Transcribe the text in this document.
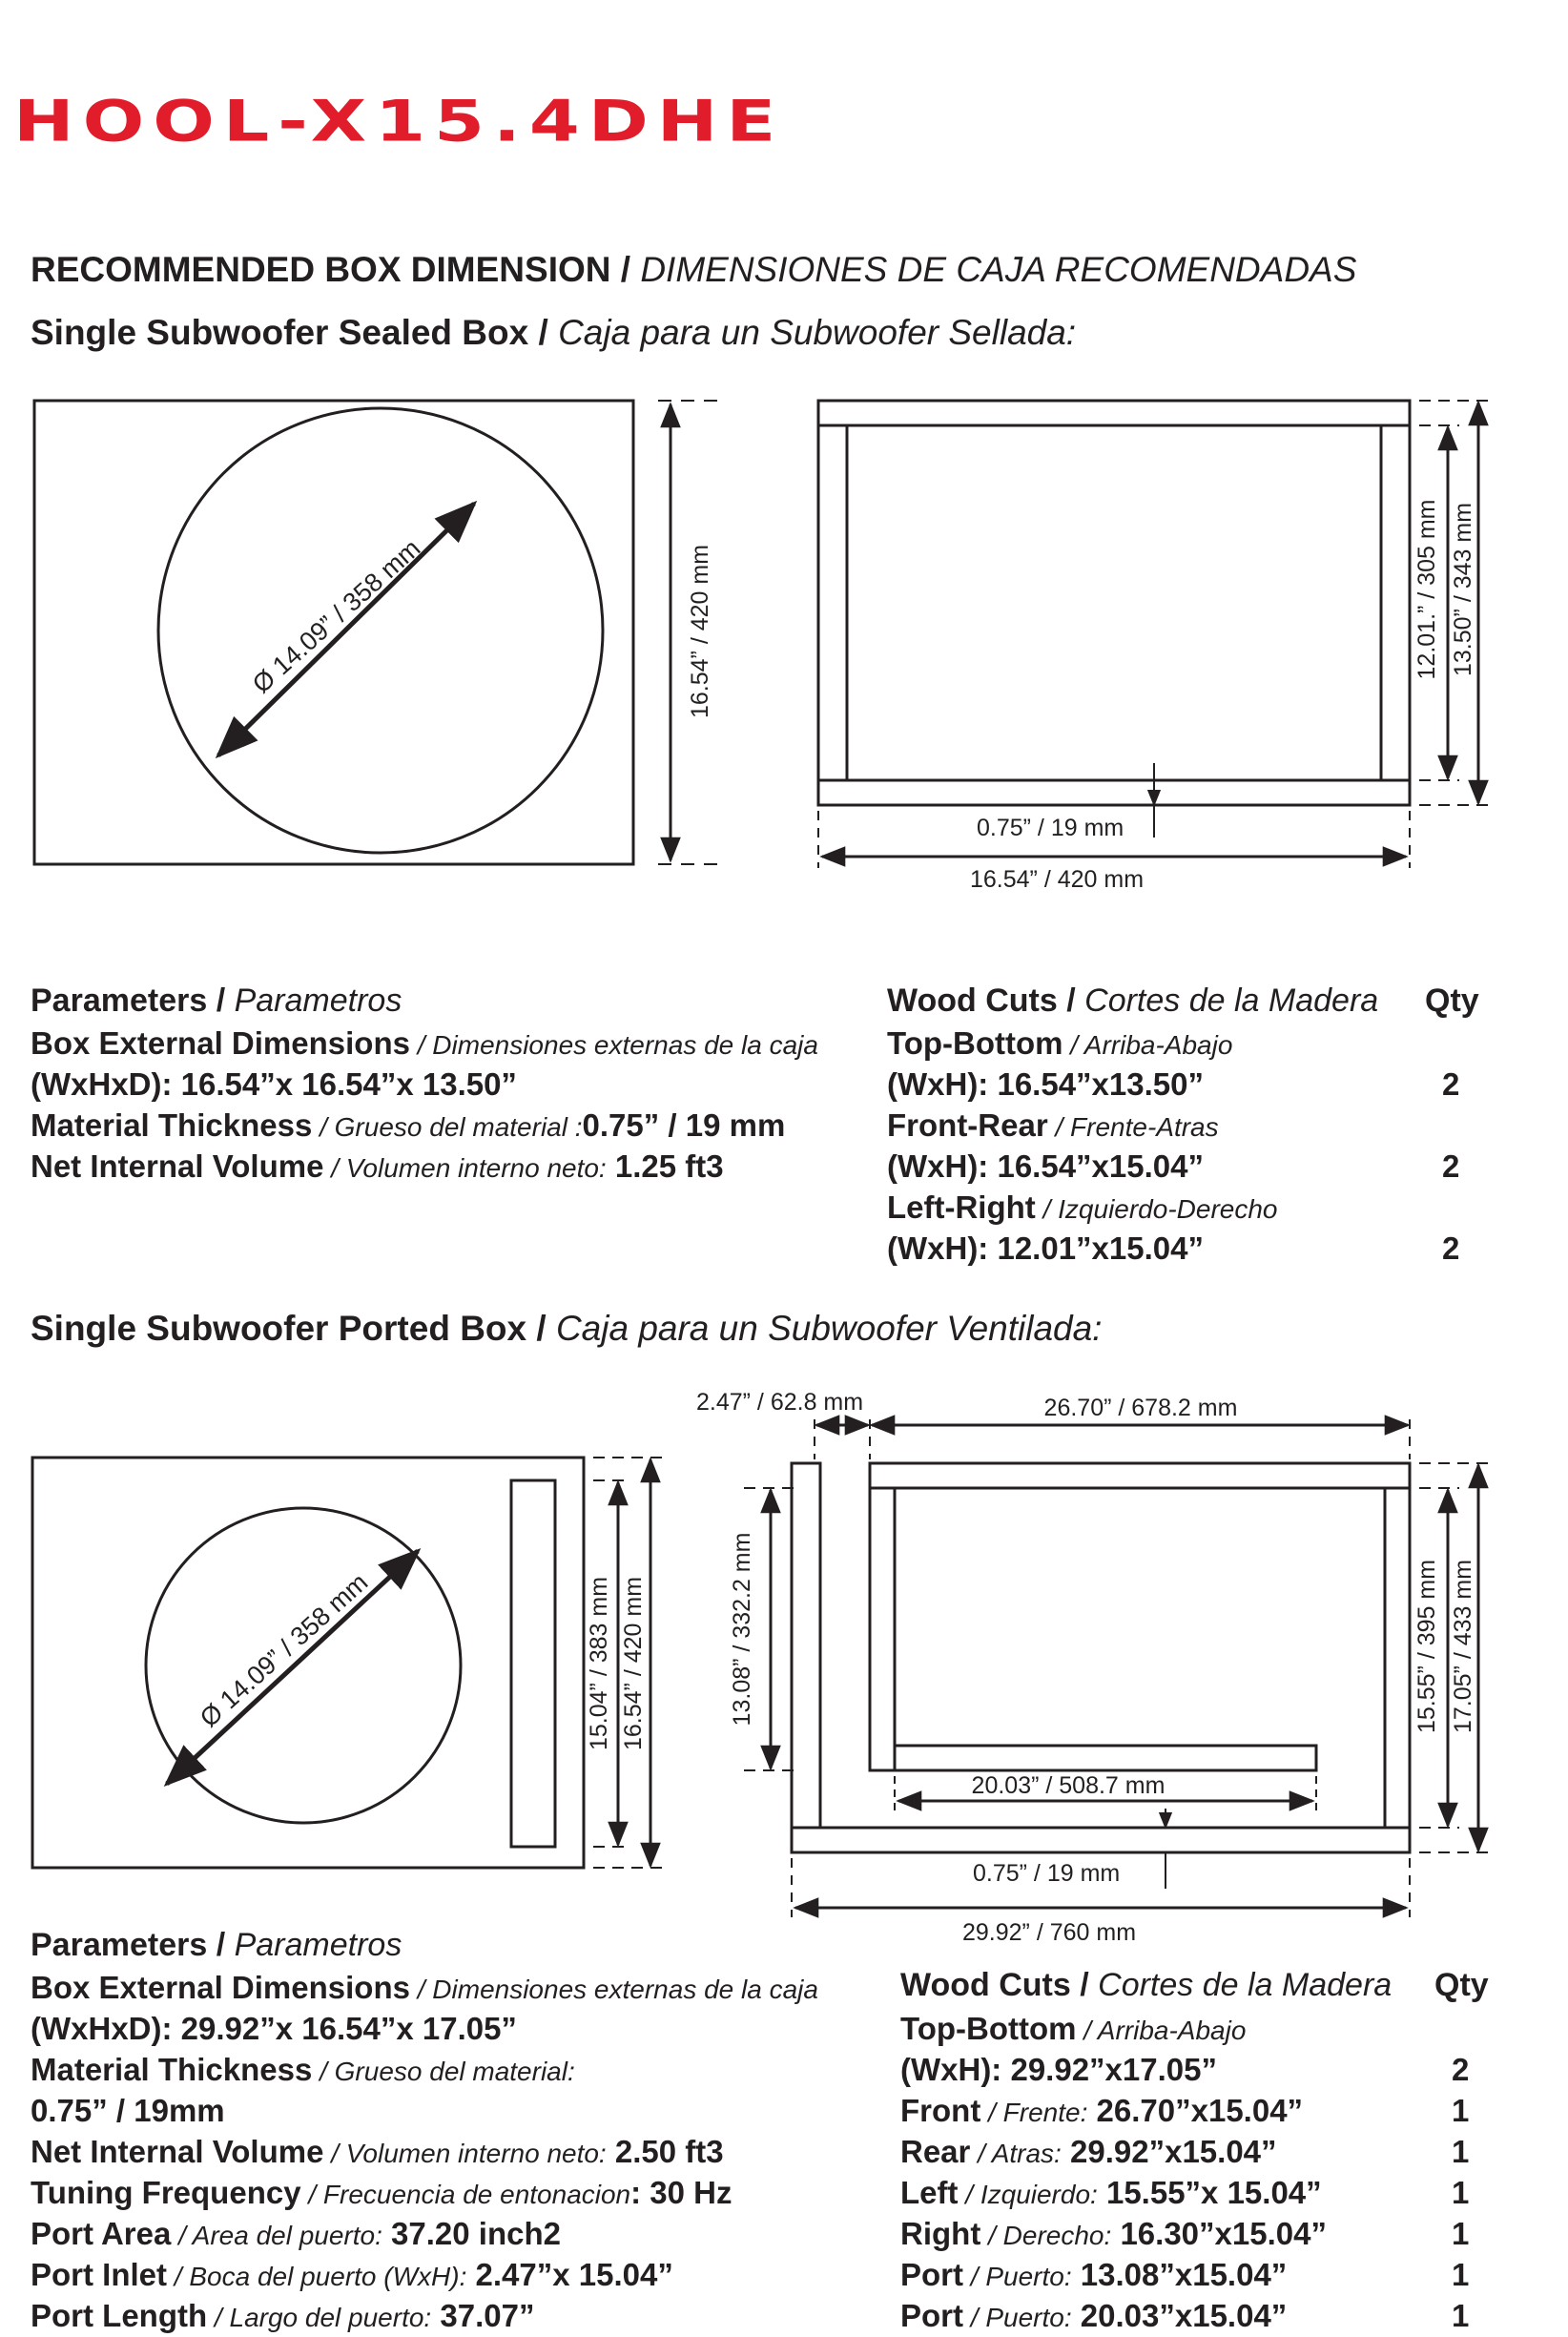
HOOL-X15.4DHE
RECOMMENDED BOX DIMENSION / DIMENSIONES DE CAJA RECOMENDADAS
Single Subwoofer Sealed Box / Caja para un Subwoofer Sellada:
Ø 14.09” / 358 mm	16.54” / 420 mm	12.01.” / 305 mm 13.50” / 343 mm
0.75” / 19 mm
16.54” / 420 mm
Parameters / Parametros
Box External Dimensions / Dimensiones externas de la caja
(WxHxD): 16.54”x 16.54”x 13.50”
Material Thickness / Grueso del material :0.75” / 19 mm
Net Internal Volume / Volumen interno neto: 1.25 ft3
Wood Cuts / Cortes de la Madera Qty
Top-Bottom / Arriba-Abajo
(WxH): 16.54”x13.50”	2
Front-Rear / Frente-Atras
(WxH): 16.54”x15.04”	2
Left-Right / Izquierdo-Derecho
(WxH): 12.01”x15.04”	2
Single Subwoofer Ported Box / Caja para un Subwoofer Ventilada:
Ø 14.09” / 358 mm	15.04” / 383 mm 16.54” / 420 mm
2.47” / 62.8 mm	26.70” / 678.2 mm
13.08” / 332.2 mm	15.55” / 395 mm 17.05” / 433 mm
20.03” / 508.7 mm
0.75” / 19 mm
29.92” / 760 mm
Parameters / Parametros
Box External Dimensions / Dimensiones externas de la caja
(WxHxD): 29.92”x 16.54”x 17.05”
Material Thickness / Grueso del material:
0.75” / 19mm
Net Internal Volume / Volumen interno neto: 2.50 ft3
Tuning Frequency / Frecuencia de entonacion: 30 Hz
Port Area / Area del puerto: 37.20 inch2
Port Inlet / Boca del puerto (WxH): 2.47”x 15.04”
Port Length / Largo del puerto: 37.07”
Wood Cuts / Cortes de la Madera Qty
Top-Bottom / Arriba-Abajo
(WxH): 29.92”x17.05”	2
Front / Frente: 26.70”x15.04”	1
Rear / Atras: 29.92”x15.04”	1
Left / Izquierdo: 15.55”x 15.04”	1
Right / Derecho: 16.30”x15.04”	1
Port / Puerto: 13.08”x15.04”	1
Port / Puerto: 20.03”x15.04”	1
